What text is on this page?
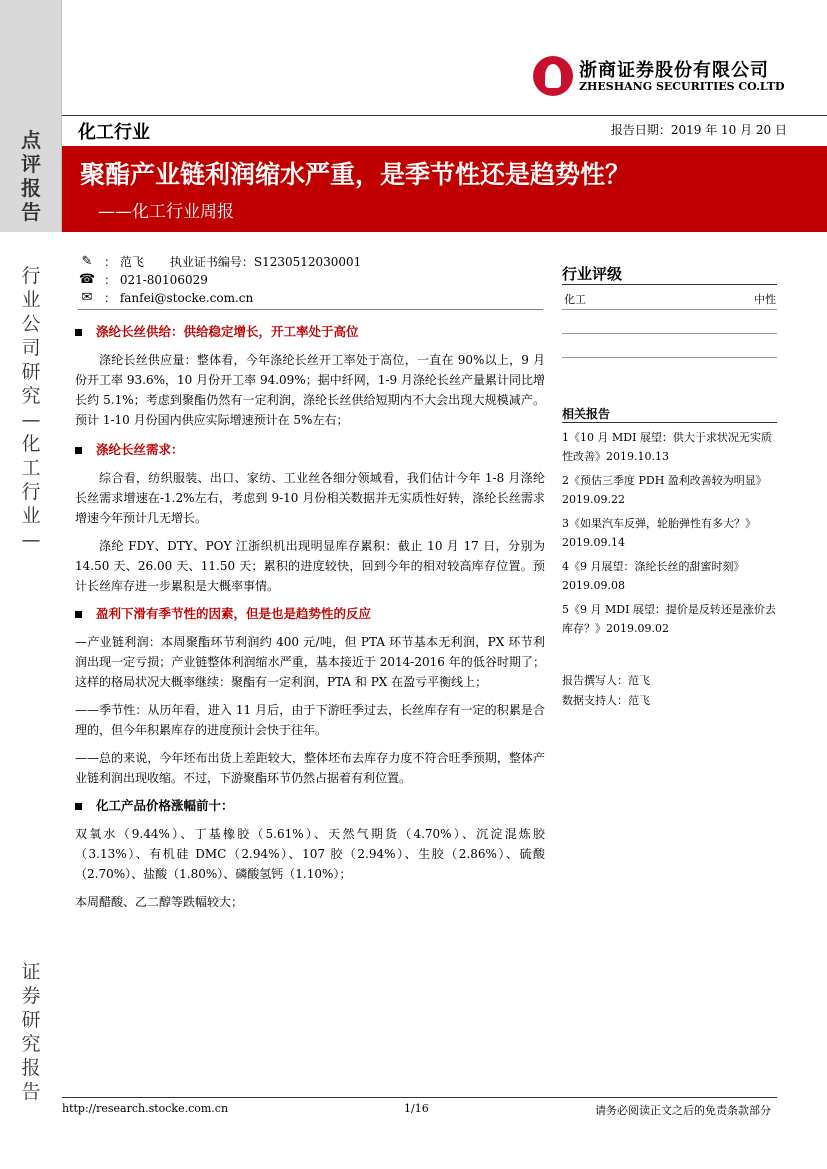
点
评
报
告
行
业
公
司
研
究
—
化
工
行
业
—
证
券
研
究
报
告
浙商证券股份有限公司
ZHESHANG SECURITIES CO.LTD
化工行业	报告日期：2019 年 10 月 20 日
聚酯产业链利润缩水严重，是季节性还是趋势性？
——化工行业周报
✎ ： 范飞 执业证书编号： S1230512030001
☎ ： 021-80106029
✉ ： fanfei@stocke.com.cn
涤纶长丝供给：供给稳定增长，开工率处于高位
涤纶长丝供应量：整体看，今年涤纶长丝开工率处于高位，一直在 90%以上，9 月份开工率 93.6%，10 月份开工率 94.09%；据中纤网，1-9 月涤纶长丝产量累计同比增长约 5.1%；考虑到聚酯仍然有一定利润，涤纶长丝供给短期内不大会出现大规模减产。预计 1-10 月份国内供应实际增速预计在 5%左右；
涤纶长丝需求：
综合看，纺织服装、出口、家纺、工业丝各细分领域看，我们估计今年 1-8 月涤纶长丝需求增速在-1.2%左右，考虑到 9-10 月份相关数据并无实质性好转，涤纶长丝需求增速今年预计几无增长。
涤纶 FDY、DTY、POY 江浙织机出现明显库存累积：截止 10 月 17 日，分别为 14.50 天、26.00 天、11.50 天；累积的进度较快，回到今年的相对较高库存位置。预计长丝库存进一步累积是大概率事情。
盈利下滑有季节性的因素，但是也是趋势性的反应
—产业链利润：本周聚酯环节利润约 400 元/吨，但 PTA 环节基本无利润，PX 环节利润出现一定亏损；产业链整体利润缩水严重，基本接近于 2014-2016 年的低谷时期了；这样的格局状况大概率继续：聚酯有一定利润，PTA 和 PX 在盈亏平衡线上；
——季节性：从历年看，进入 11 月后，由于下游旺季过去，长丝库存有一定的积累是合理的，但今年积累库存的进度预计会快于往年。
——总的来说，今年坯布出货上差距较大，整体坯布去库存力度不符合旺季预期，整体产业链利润出现收缩。不过，下游聚酯环节仍然占据着有利位置。
化工产品价格涨幅前十：
双氧水（9.44%）、丁基橡胶（5.61%）、天然气期货（4.70%）、沉淀混炼胶（3.13%）、有机硅 DMC（2.94%）、107 胶（2.94%）、生胶（2.86%）、硫酸（2.70%）、盐酸（1.80%）、磷酸氢钙（1.10%）；
本周醋酸、乙二醇等跌幅较大；
行业评级
化工	中性
相关报告
1《10 月 MDI 展望：供大于求状况无实质性改善》2019.10.13
2《预估三季度 PDH 盈利改善较为明显》2019.09.22
3《如果汽车反弹，轮胎弹性有多大？》2019.09.14
4《9 月展望：涤纶长丝的甜蜜时刻》2019.09.08
5《9 月 MDI 展望：提价是反转还是涨价去库存？》2019.09.02
报告撰写人：范飞
数据支持人：范飞
http://research.stocke.com.cn	1/16	请务必阅读正文之后的免责条款部分
